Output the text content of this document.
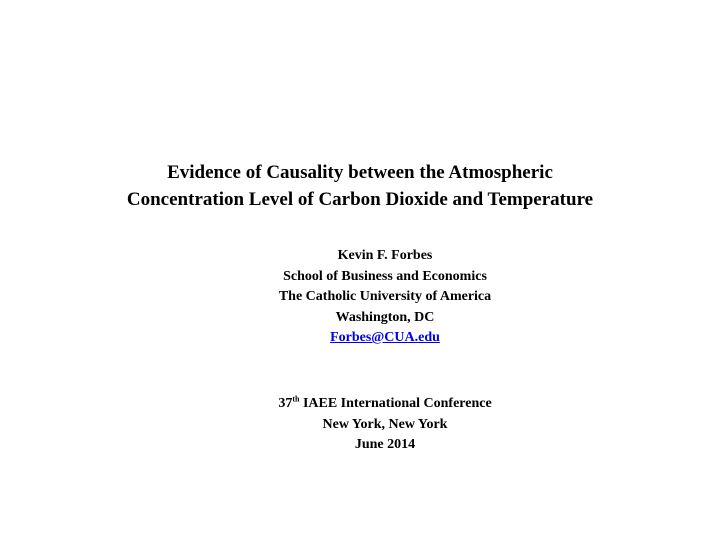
Evidence of Causality between the Atmospheric
Concentration Level of Carbon Dioxide and Temperature
Kevin F. Forbes
School of Business and Economics
The Catholic University of America
Washington, DC
Forbes@CUA.edu
37th IAEE International Conference
New York, New York
June 2014
